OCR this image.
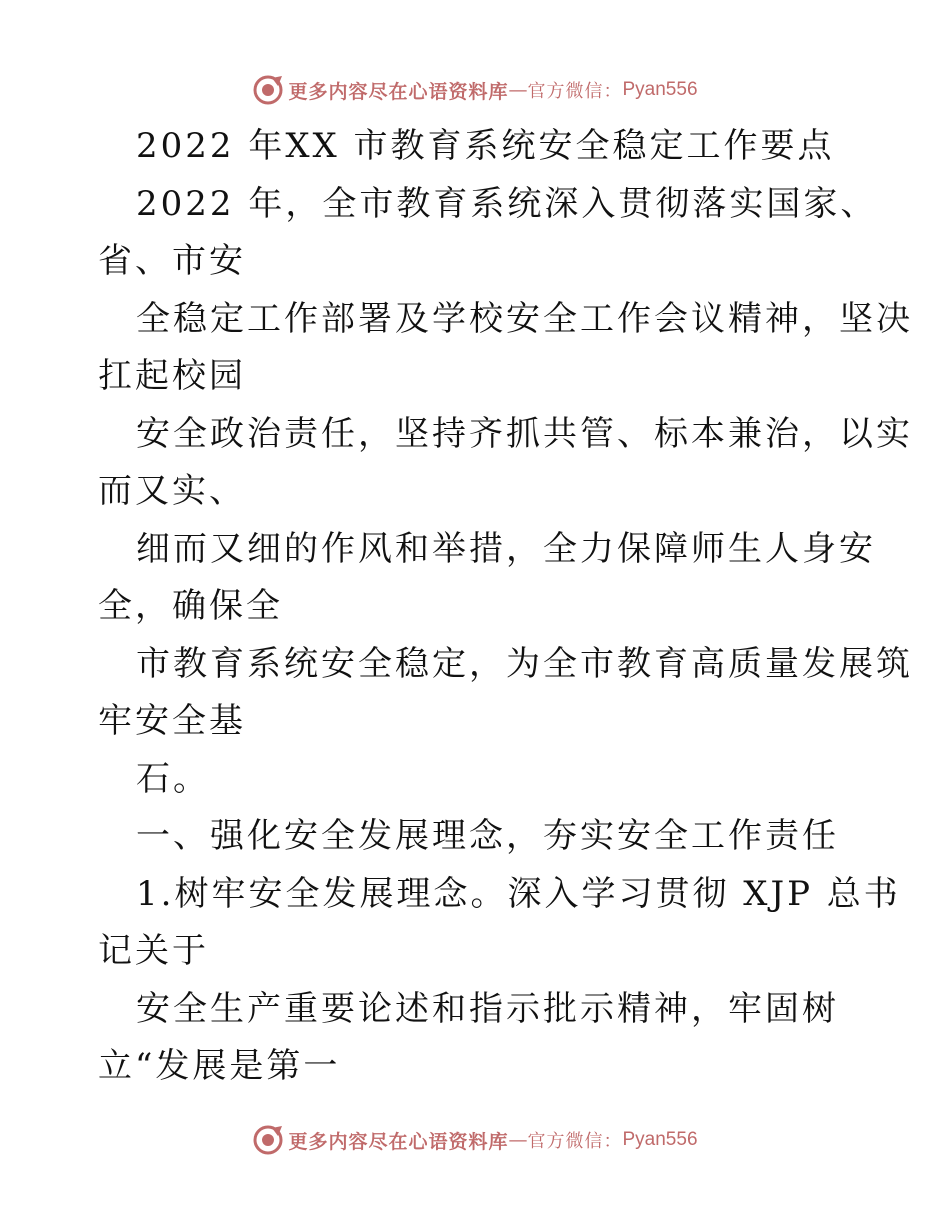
更多内容尽在心语资料库 — 官方微信： Pyan556
2022 年XX 市教育系统安全稳定工作要点
2022 年，全市教育系统深入贯彻落实国家、
省、市安
全稳定工作部署及学校安全工作会议精神，坚决
扛起校园
安全政治责任，坚持齐抓共管、标本兼治，以实
而又实、
细而又细的作风和举措，全力保障师生人身安
全，确保全
市教育系统安全稳定，为全市教育高质量发展筑
牢安全基
石。
一、强化安全发展理念，夯实安全工作责任
1.树牢安全发展理念。深入学习贯彻 XJP 总书
记关于
安全生产重要论述和指示批示精神，牢固树
立“发展是第一
更多内容尽在心语资料库 — 官方微信： Pyan556
